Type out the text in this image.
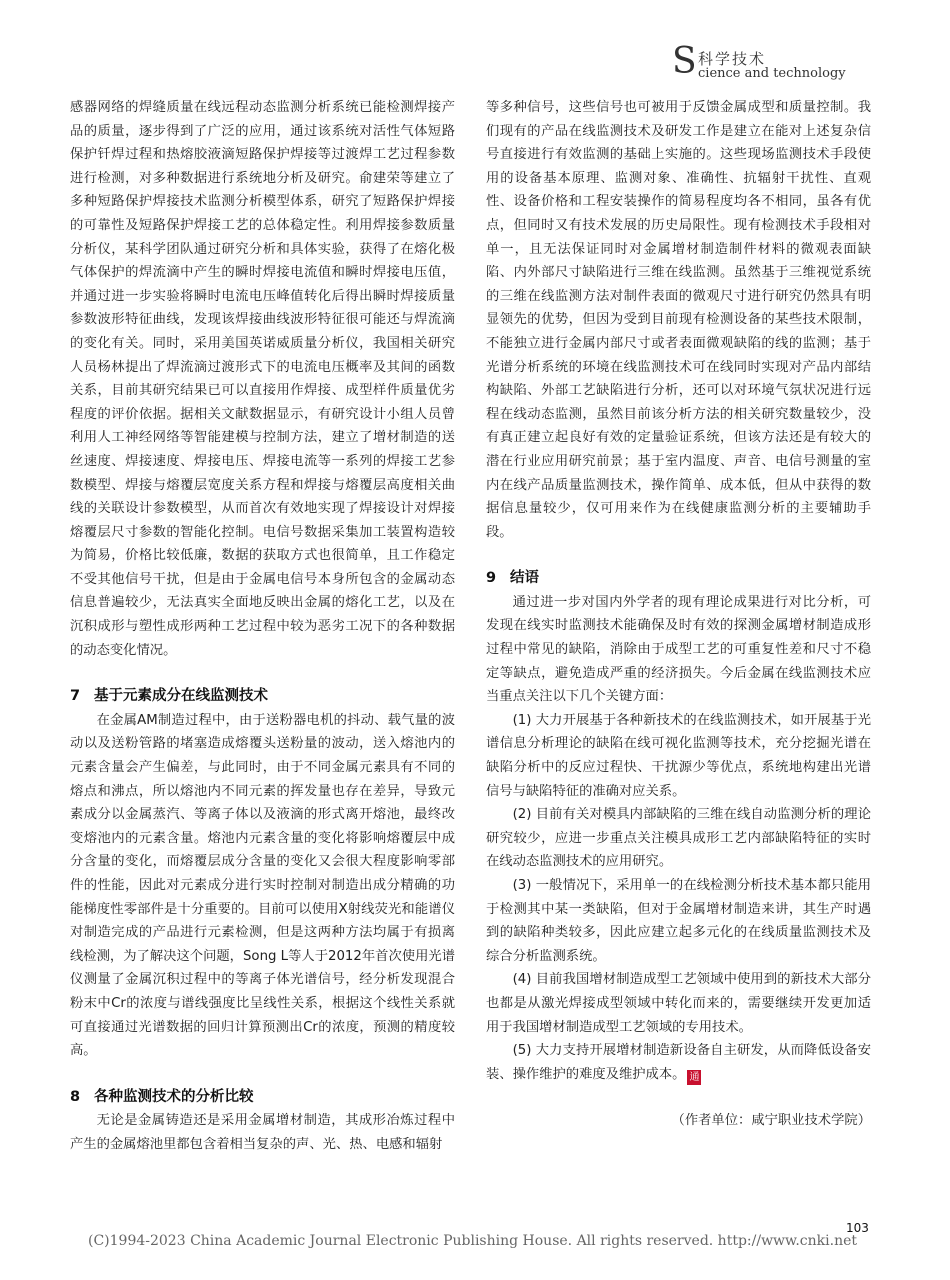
S 科学技术
cience and technology

感器网络的焊缝质量在线远程动态监测分析系统已能检测焊接产品的质量，逐步得到了广泛的应用，通过该系统对活性气体短路保护钎焊过程和热熔胶液滴短路保护焊接等过渡焊工艺过程参数进行检测，对多种数据进行系统地分析及研究。俞建荣等建立了多种短路保护焊接技术监测分析模型体系，研究了短路保护焊接的可靠性及短路保护焊接工艺的总体稳定性。利用焊接参数质量分析仪，某科学团队通过研究分析和具体实验，获得了在熔化极气体保护的焊流滴中产生的瞬时焊接电流值和瞬时焊接电压值，并通过进一步实验将瞬时电流电压峰值转化后得出瞬时焊接质量参数波形特征曲线，发现该焊接曲线波形特征很可能还与焊流滴的变化有关。同时，采用美国英诺威质量分析仪，我国相关研究人员杨林提出了焊流滴过渡形式下的电流电压概率及其间的函数关系，目前其研究结果已可以直接用作焊接、成型样件质量优劣程度的评价依据。据相关文献数据显示，有研究设计小组人员曾利用人工神经网络等智能建模与控制方法，建立了增材制造的送丝速度、焊接速度、焊接电压、焊接电流等一系列的焊接工艺参数模型、焊接与熔覆层宽度关系方程和焊接与熔覆层高度相关曲线的关联设计参数模型，从而首次有效地实现了焊接设计对焊接熔覆层尺寸参数的智能化控制。电信号数据采集加工装置构造较为简易，价格比较低廉，数据的获取方式也很简单，且工作稳定不受其他信号干扰，但是由于金属电信号本身所包含的金属动态信息普遍较少，无法真实全面地反映出金属的熔化工艺，以及在沉积成形与塑性成形两种工艺过程中较为恶劣工况下的各种数据的动态变化情况。

7 基于元素成分在线监测技术

在金属AM制造过程中，由于送粉器电机的抖动、载气量的波动以及送粉管路的堵塞造成熔覆头送粉量的波动，送入熔池内的元素含量会产生偏差，与此同时，由于不同金属元素具有不同的熔点和沸点，所以熔池内不同元素的挥发量也存在差异，导致元素成分以金属蒸汽、等离子体以及液滴的形式离开熔池，最终改变熔池内的元素含量。熔池内元素含量的变化将影响熔覆层中成分含量的变化，而熔覆层成分含量的变化又会很大程度影响零部件的性能，因此对元素成分进行实时控制对制造出成分精确的功能梯度性零部件是十分重要的。目前可以使用X射线荧光和能谱仪对制造完成的产品进行元素检测，但是这两种方法均属于有损离线检测，为了解决这个问题，Song L等人于2012年首次使用光谱仪测量了金属沉积过程中的等离子体光谱信号，经分析发现混合粉末中Cr的浓度与谱线强度比呈线性关系，根据这个线性关系就可直接通过光谱数据的回归计算预测出Cr的浓度，预测的精度较高。

8 各种监测技术的分析比较

无论是金属铸造还是采用金属增材制造，其成形冶炼过程中产生的金属熔池里都包含着相当复杂的声、光、热、电感和辐射

等多种信号，这些信号也可被用于反馈金属成型和质量控制。我们现有的产品在线监测技术及研发工作是建立在能对上述复杂信号直接进行有效监测的基础上实施的。这些现场监测技术手段使用的设备基本原理、监测对象、准确性、抗辐射干扰性、直观性、设备价格和工程安装操作的简易程度均各不相同，虽各有优点，但同时又有技术发展的历史局限性。现有检测技术手段相对单一，且无法保证同时对金属增材制造制件材料的微观表面缺陷、内外部尺寸缺陷进行三维在线监测。虽然基于三维视觉系统的三维在线监测方法对制件表面的微观尺寸进行研究仍然具有明显领先的优势，但因为受到目前现有检测设备的某些技术限制，不能独立进行金属内部尺寸或者表面微观缺陷的线的监测；基于光谱分析系统的环境在线监测技术可在线同时实现对产品内部结构缺陷、外部工艺缺陷进行分析，还可以对环境气氛状况进行远程在线动态监测，虽然目前该分析方法的相关研究数量较少，没有真正建立起良好有效的定量验证系统，但该方法还是有较大的潜在行业应用研究前景；基于室内温度、声音、电信号测量的室内在线产品质量监测技术，操作简单、成本低，但从中获得的数据信息量较少，仅可用来作为在线健康监测分析的主要辅助手段。

9 结语

通过进一步对国内外学者的现有理论成果进行对比分析，可发现在线实时监测技术能确保及时有效的探测金属增材制造成形过程中常见的缺陷，消除由于成型工艺的可重复性差和尺寸不稳定等缺点，避免造成严重的经济损失。今后金属在线监测技术应当重点关注以下几个关键方面：

(1) 大力开展基于各种新技术的在线监测技术，如开展基于光谱信息分析理论的缺陷在线可视化监测等技术，充分挖掘光谱在缺陷分析中的反应过程快、干扰源少等优点，系统地构建出光谱信号与缺陷特征的准确对应关系。

(2) 目前有关对模具内部缺陷的三维在线自动监测分析的理论研究较少，应进一步重点关注模具成形工艺内部缺陷特征的实时在线动态监测技术的应用研究。

(3) 一般情况下，采用单一的在线检测分析技术基本都只能用于检测其中某一类缺陷，但对于金属增材制造来讲，其生产时遇到的缺陷种类较多，因此应建立起多元化的在线质量监测技术及综合分析监测系统。

(4) 目前我国增材制造成型工艺领域中使用到的新技术大部分也都是从激光焊接成型领域中转化而来的，需要继续开发更加适用于我国增材制造成型工艺领域的专用技术。

(5) 大力支持开展增材制造新设备自主研发，从而降低设备安装、操作维护的难度及维护成本。 通

（作者单位：咸宁职业技术学院）

103
(C)1994-2023 China Academic Journal Electronic Publishing House. All rights reserved. http://www.cnki.net
